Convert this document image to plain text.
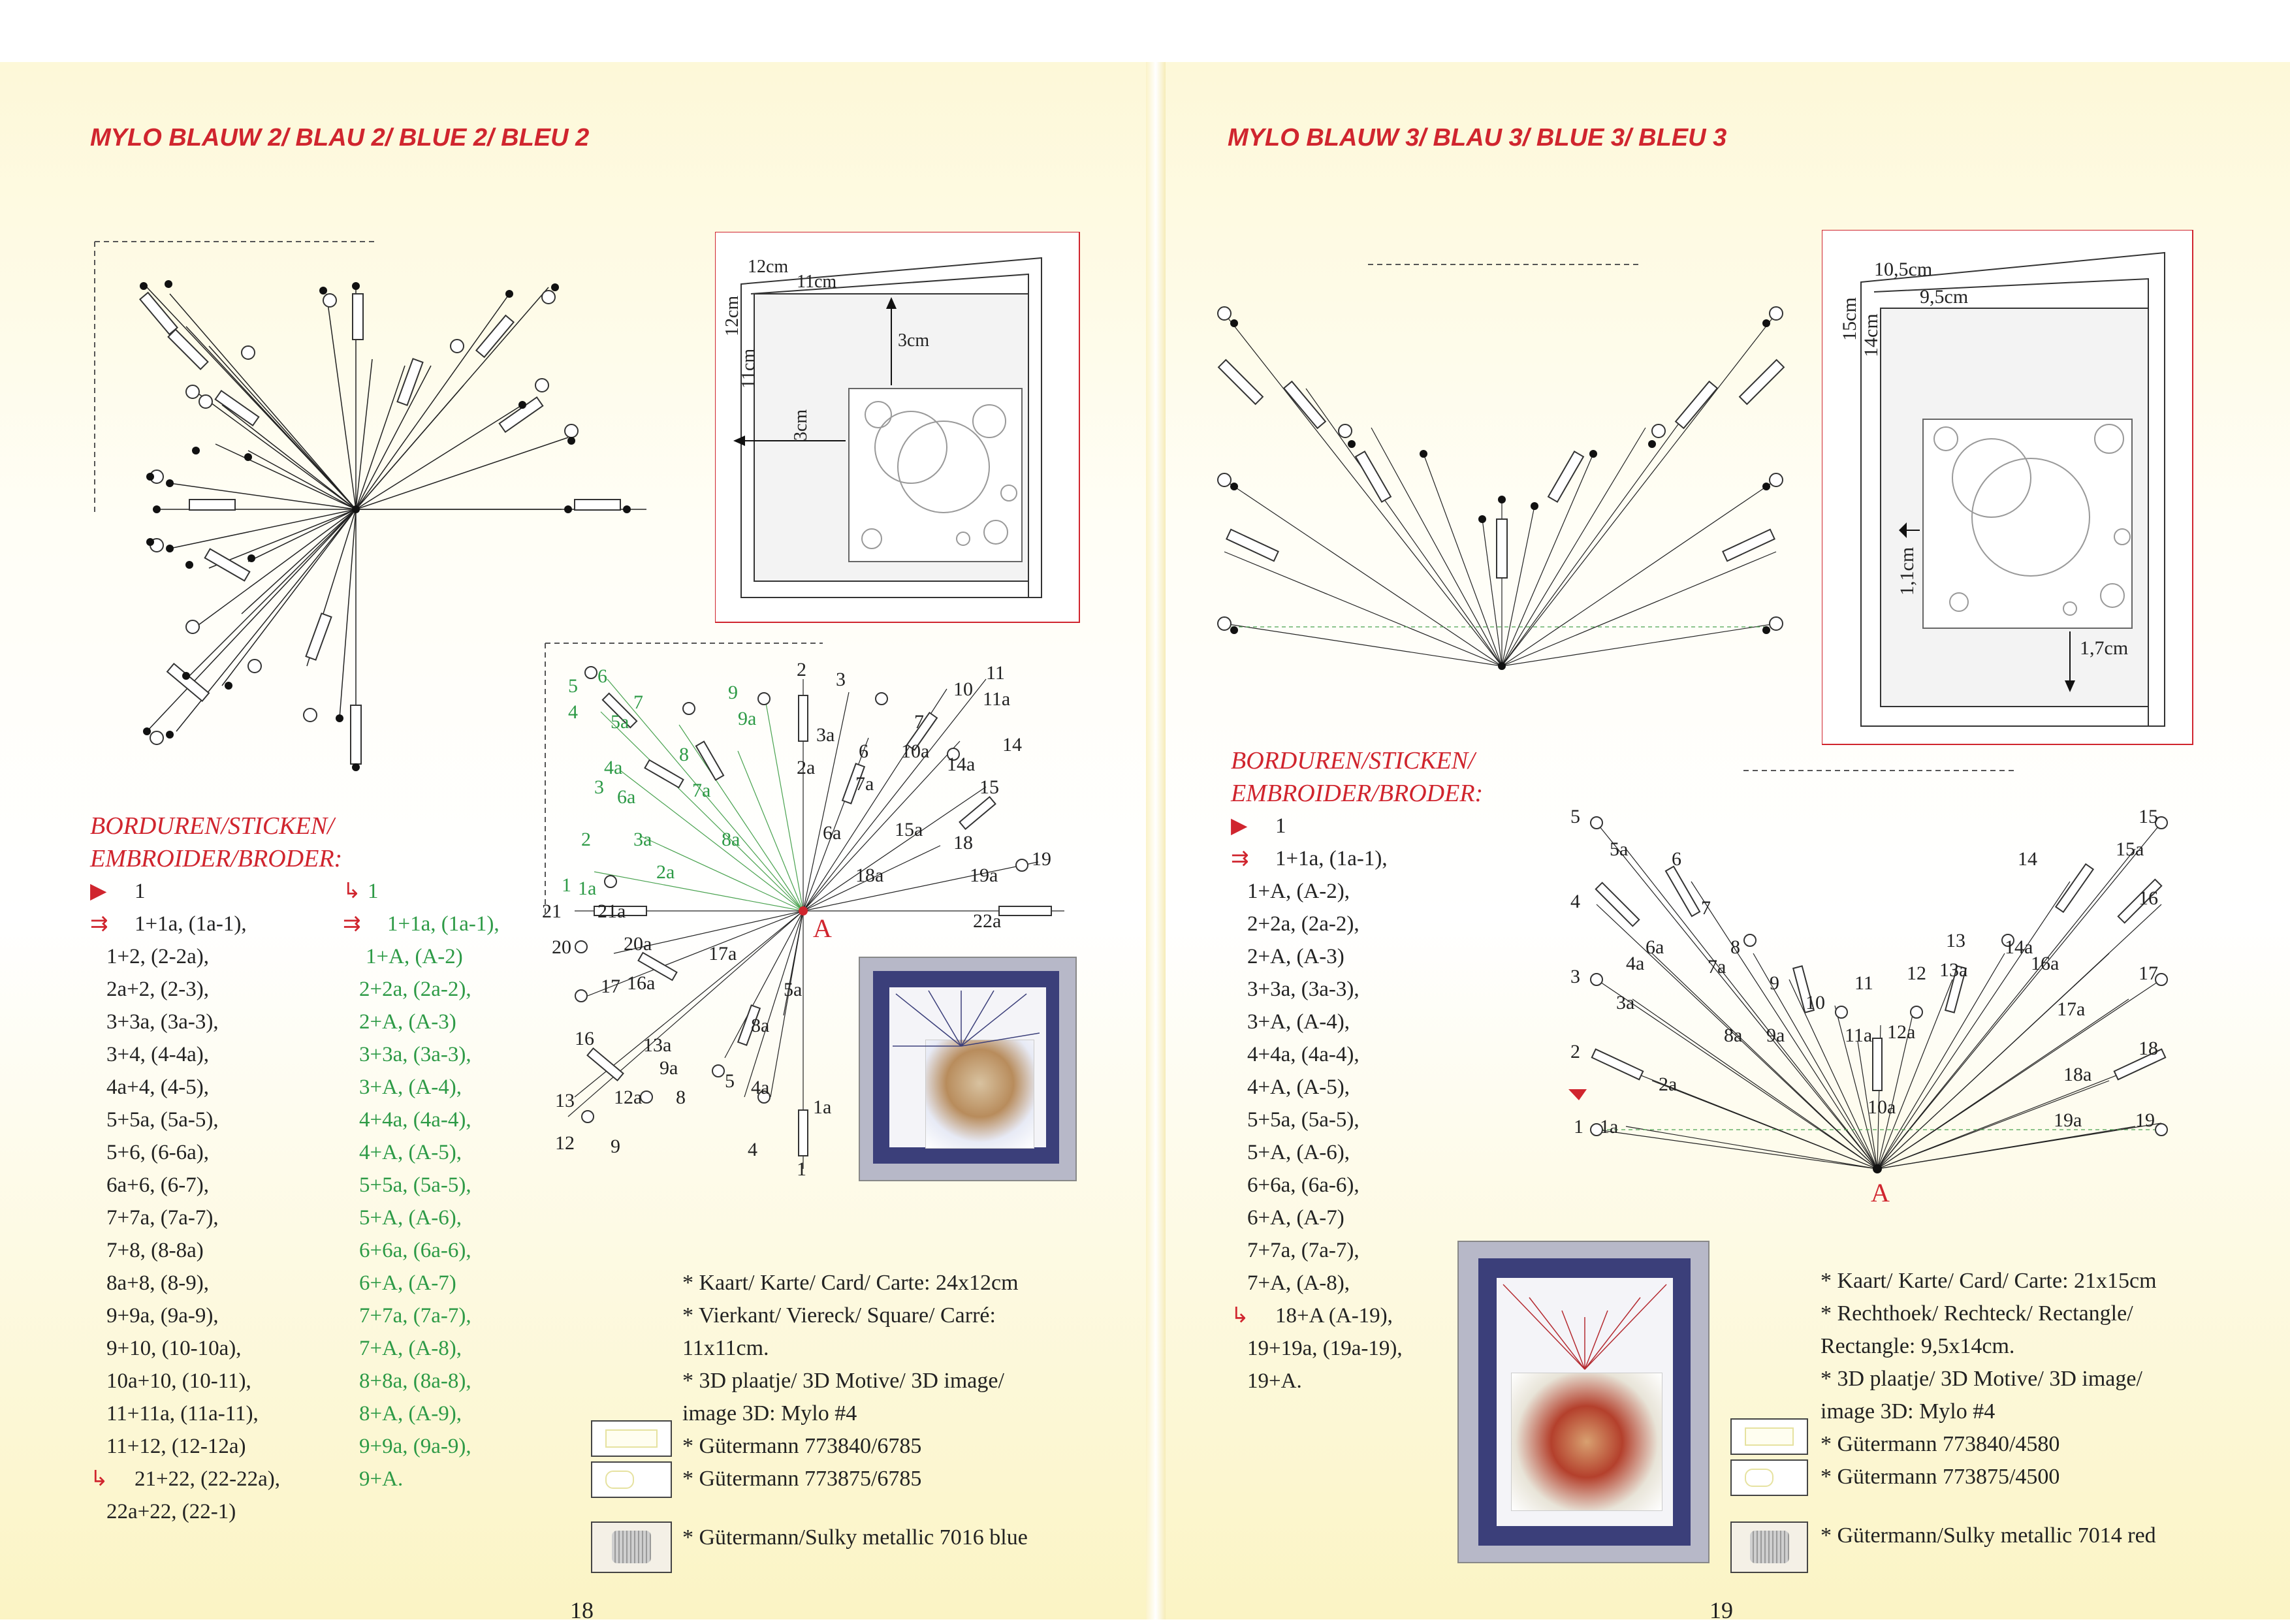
MYLO BLAUW 2/ BLAU 2/ BLUE 2/ BLEU 2
12cm
11cm
12cm
11cm
3cm
3cm
A
5
4
6
5a
7
3
4a
6a
2
1 1a
3a
2a
8
7a
8a
9
9a
2
2a
3
3a
6
7a
6a
7
10a
10
14a
11
11a
14
15
15a
18
18a	19a
19
22a
21 21a
20	20a	17a
16a
17
16
5a
8a
13a
9a
13 12a 8
5
12 9
4a
4
1a
1
BORDUREN/STICKEN/
EMBROIDER/BRODER:
▶ 1
⇉ 1+1a, (1a-1),
1+2, (2-2a),
2a+2, (2-3),
3+3a, (3a-3),
3+4, (4-4a),
4a+4, (4-5),
5+5a, (5a-5),
5+6, (6-6a),
6a+6, (6-7),
7+7a, (7a-7),
7+8, (8-8a)
8a+8, (8-9),
9+9a, (9a-9),
9+10, (10-10a),
10a+10, (10-11),
11+11a, (11a-11),
11+12, (12-12a)
↳ 21+22, (22-22a),
22a+22, (22-1)
↳ 1
⇉ 1+1a, (1a-1),
1+A, (A-2)
2+2a, (2a-2),
2+A, (A-3)
3+3a, (3a-3),
3+A, (A-4),
4+4a, (4a-4),
4+A, (A-5),
5+5a, (5a-5),
5+A, (A-6),
6+6a, (6a-6),
6+A, (A-7)
7+7a, (7a-7),
7+A, (A-8),
8+8a, (8a-8),
8+A, (A-9),
9+9a, (9a-9),
9+A.
* Kaart/ Karte/ Card/ Carte: 24x12cm
* Vierkant/ Viereck/ Square/ Carré:
11x11cm.
* 3D plaatje/ 3D Motive/ 3D image/
image 3D: Mylo #4
* Gütermann 773840/6785
* Gütermann 773875/6785
* Gütermann/Sulky metallic 7016 blue
18
MYLO BLAUW 3/ BLAU 3/ BLUE 3/ BLEU 3
10,5cm
9,5cm
15cm 14cm
1,1cm
1,7cm
BORDUREN/STICKEN/
EMBROIDER/BRODER:
▶ 1
⇉ 1+1a, (1a-1),
1+A, (A-2),
2+2a, (2a-2),
2+A, (A-3)
3+3a, (3a-3),
3+A, (A-4),
4+4a, (4a-4),
4+A, (A-5),
5+5a, (5a-5),
5+A, (A-6),
6+6a, (6a-6),
6+A, (A-7)
7+7a, (7a-7),
7+A, (A-8),
↳ 18+A (A-19),
19+19a, (19a-19),
19+A.
A
5
5a 6
4
6a
4a
7
7a
8
3
3a
2
2a
1 1a
8a
9
9a
10
11
11a
10a
12a
12
13
13a
14a
14
16a
17a
18a
19a
15
15a
16
17
18
19
* Kaart/ Karte/ Card/ Carte: 21x15cm
* Rechthoek/ Rechteck/ Rectangle/
Rectangle: 9,5x14cm.
* 3D plaatje/ 3D Motive/ 3D image/
image 3D: Mylo #4
* Gütermann 773840/4580
* Gütermann 773875/4500
* Gütermann/Sulky metallic 7014 red
19
